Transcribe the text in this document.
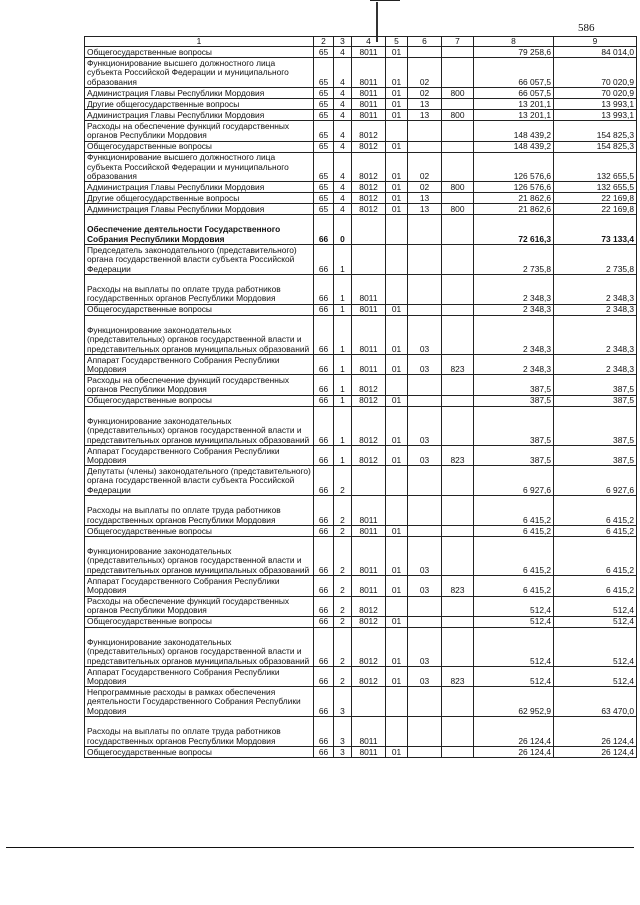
586
1	2	3	4	5	6	7	8	9
Общегосударственные вопросы	65	4	8011	01			79 258,6	84 014,0
Функционирование высшего должностного лица субъекта Российской Федерации и муниципального образования	65	4	8011	01	02		66 057,5	70 020,9
Администрация Главы Республики Мордовия	65	4	8011	01	02	800	66 057,5	70 020,9
Другие общегосударственные вопросы	65	4	8011	01	13		13 201,1	13 993,1
Администрация Главы Республики Мордовия	65	4	8011	01	13	800	13 201,1	13 993,1
Расходы на обеспечение функций государственных органов Республики Мордовия	65	4	8012				148 439,2	154 825,3
Общегосударственные вопросы	65	4	8012	01			148 439,2	154 825,3
Функционирование высшего должностного лица субъекта Российской Федерации и муниципального образования	65	4	8012	01	02		126 576,6	132 655,5
Администрация Главы Республики Мордовия	65	4	8012	01	02	800	126 576,6	132 655,5
Другие общегосударственные вопросы	65	4	8012	01	13		21 862,6	22 169,8
Администрация Главы Республики Мордовия	65	4	8012	01	13	800	21 862,6	22 169,8
Обеспечение деятельности Государственного Собрания Республики Мордовия	66	0					72 616,3	73 133,4
Председатель законодательного (представительного) органа государственной власти субъекта Российской Федерации	66	1					2 735,8	2 735,8
Расходы на выплаты по оплате труда работников государственных органов Республики Мордовия	66	1	8011				2 348,3	2 348,3
Общегосударственные вопросы	66	1	8011	01			2 348,3	2 348,3
Функционирование законодательных (представительных) органов государственной власти и представительных органов муниципальных образований	66	1	8011	01	03		2 348,3	2 348,3
Аппарат Государственного Собрания Республики Мордовия	66	1	8011	01	03	823	2 348,3	2 348,3
Расходы на обеспечение функций государственных органов Республики Мордовия	66	1	8012				387,5	387,5
Общегосударственные вопросы	66	1	8012	01			387,5	387,5
Функционирование законодательных (представительных) органов государственной власти и представительных органов муниципальных образований	66	1	8012	01	03		387,5	387,5
Аппарат Государственного Собрания Республики Мордовия	66	1	8012	01	03	823	387,5	387,5
Депутаты (члены) законодательного (представительного) органа государственной власти субъекта Российской Федерации	66	2					6 927,6	6 927,6
Расходы на выплаты по оплате труда работников государственных органов Республики Мордовия	66	2	8011				6 415,2	6 415,2
Общегосударственные вопросы	66	2	8011	01			6 415,2	6 415,2
Функционирование законодательных (представительных) органов государственной власти и представительных органов муниципальных образований	66	2	8011	01	03		6 415,2	6 415,2
Аппарат Государственного Собрания Республики Мордовия	66	2	8011	01	03	823	6 415,2	6 415,2
Расходы на обеспечение функций государственных органов Республики Мордовия	66	2	8012				512,4	512,4
Общегосударственные вопросы	66	2	8012	01			512,4	512,4
Функционирование законодательных (представительных) органов государственной власти и представительных органов муниципальных образований	66	2	8012	01	03		512,4	512,4
Аппарат Государственного Собрания Республики Мордовия	66	2	8012	01	03	823	512,4	512,4
Непрограммные расходы в рамках обеспечения деятельности Государственного Собрания Республики Мордовия	66	3					62 952,9	63 470,0
Расходы на выплаты по оплате труда работников государственных органов Республики Мордовия	66	3	8011				26 124,4	26 124,4
Общегосударственные вопросы	66	3	8011	01			26 124,4	26 124,4
